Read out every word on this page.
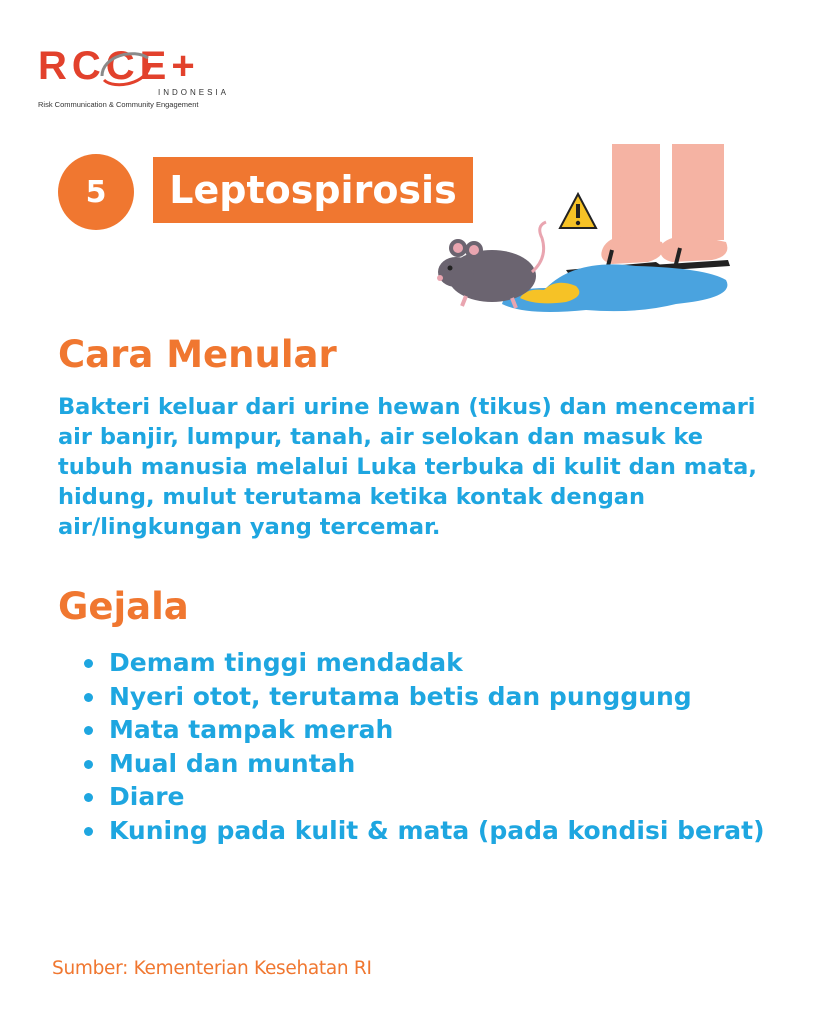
RCCE+
INDONESIA
Risk Communication & Community Engagement
5	Leptospirosis
Cara Menular

Bakteri keluar dari urine hewan (tikus) dan mencemari air banjir, lumpur, tanah, air selokan dan masuk ke tubuh manusia melalui Luka terbuka di kulit dan mata, hidung, mulut terutama ketika kontak dengan air/lingkungan yang tercemar.

Gejala
Demam tinggi mendadak
Nyeri otot, terutama betis dan punggung
Mata tampak merah
Mual dan muntah
Diare
Kuning pada kulit & mata (pada kondisi berat)
Sumber: Kementerian Kesehatan RI
